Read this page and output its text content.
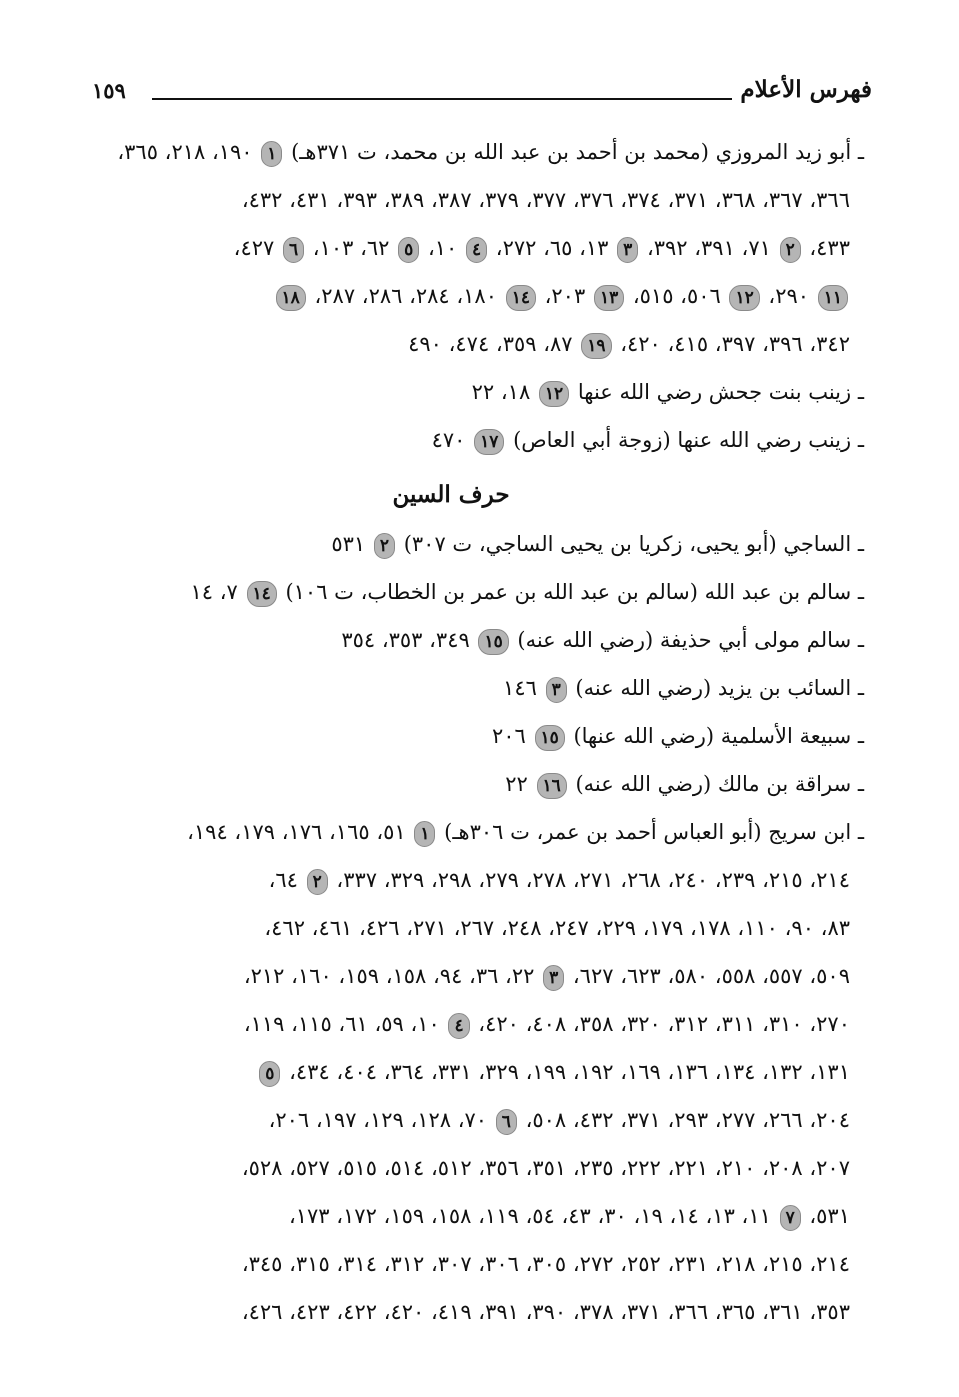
فهرس الأعلام
١٥٩
ـ أبو زيد المروزي (محمد بن أحمد بن عبد الله بن محمد، ت ٣٧١هـ) ١ ١٩٠، ٢١٨، ٣٦٥،
٣٦٦، ٣٦٧، ٣٦٨، ٣٧١، ٣٧٤، ٣٧٦، ٣٧٧، ٣٧٩، ٣٨٧، ٣٨٩، ٣٩٣، ٤٣١، ٤٣٢،
٤٣٣، ٢ ٧١، ٣٩١، ٣٩٢، ٣ ١٣، ٦٥، ٢٧٢، ٤ ١٠، ٥ ٦٢، ١٠٣، ٦ ٤٢٧،
١١ ٢٩٠، ١٢ ٥٠٦، ٥١٥، ١٣ ٢٠٣، ١٤ ١٨٠، ٢٨٤، ٢٨٦، ٢٨٧، ١٨
٣٤٢، ٣٩٦، ٣٩٧، ٤١٥، ٤٢٠، ١٩ ٨٧، ٣٥٩، ٤٧٤، ٤٩٠
ـ زينب بنت جحش رضي الله عنها ١٢ ١٨، ٢٢
ـ زينب رضي الله عنها (زوجة أبي العاص) ١٧ ٤٧٠
حرف السين
ـ الساجي (أبو يحيى، زكريا بن يحيى الساجي، ت ٣٠٧) ٢ ٥٣١
ـ سالم بن عبد الله (سالم بن عبد الله بن عمر بن الخطاب، ت ١٠٦) ١٤ ٧، ١٤
ـ سالم مولى أبي حذيفة (رضي الله عنه) ١٥ ٣٤٩، ٣٥٣، ٣٥٤
ـ السائب بن يزيد (رضي الله عنه) ٣ ١٤٦
ـ سبيعة الأسلمية (رضي الله عنها) ١٥ ٢٠٦
ـ سراقة بن مالك (رضي الله عنه) ١٦ ٢٢
ـ ابن سريج (أبو العباس أحمد بن عمر، ت ٣٠٦هـ) ١ ٥١، ١٦٥، ١٧٦، ١٧٩، ١٩٤،
٢١٤، ٢١٥، ٢٣٩، ٢٤٠، ٢٦٨، ٢٧١، ٢٧٨، ٢٧٩، ٢٩٨، ٣٢٩، ٣٣٧، ٢ ٦٤،
٨٣، ٩٠، ١١٠، ١٧٨، ١٧٩، ٢٢٩، ٢٤٧، ٢٤٨، ٢٦٧، ٢٧١، ٤٢٦، ٤٦١، ٤٦٢،
٥٠٩، ٥٥٧، ٥٥٨، ٥٨٠، ٦٢٣، ٦٢٧، ٣ ٢٢، ٣٦، ٩٤، ١٥٨، ١٥٩، ١٦٠، ٢١٢،
٢٧٠، ٣١٠، ٣١١، ٣١٢، ٣٢٠، ٣٥٨، ٤٠٨، ٤٢٠، ٤ ١٠، ٥٩، ٦١، ١١٥، ١١٩،
١٣١، ١٣٢، ١٣٤، ١٣٦، ١٦٩، ١٩٢، ١٩٩، ٣٢٩، ٣٣١، ٣٦٤، ٤٠٤، ٤٣٤، ٥
٢٠٤، ٢٦٦، ٢٧٧، ٢٩٣، ٣٧١، ٤٣٢، ٥٠٨، ٦ ٧٠، ١٢٨، ١٢٩، ١٩٧، ٢٠٦،
٢٠٧، ٢٠٨، ٢١٠، ٢٢١، ٢٢٢، ٢٣٥، ٣٥١، ٣٥٦، ٥١٢، ٥١٤، ٥١٥، ٥٢٧، ٥٢٨،
٥٣١، ٧ ١١، ١٣، ١٤، ١٩، ٣٠، ٤٣، ٥٤، ١١٩، ١٥٨، ١٥٩، ١٧٢، ١٧٣،
٢١٤، ٢١٥، ٢١٨، ٢٣١، ٢٥٢، ٢٧٢، ٣٠٥، ٣٠٦، ٣٠٧، ٣١٢، ٣١٤، ٣١٥، ٣٤٥،
٣٥٣، ٣٦١، ٣٦٥، ٣٦٦، ٣٧١، ٣٧٨، ٣٩٠، ٣٩١، ٤١٩، ٤٢٠، ٤٢٢، ٤٢٣، ٤٢٦،
